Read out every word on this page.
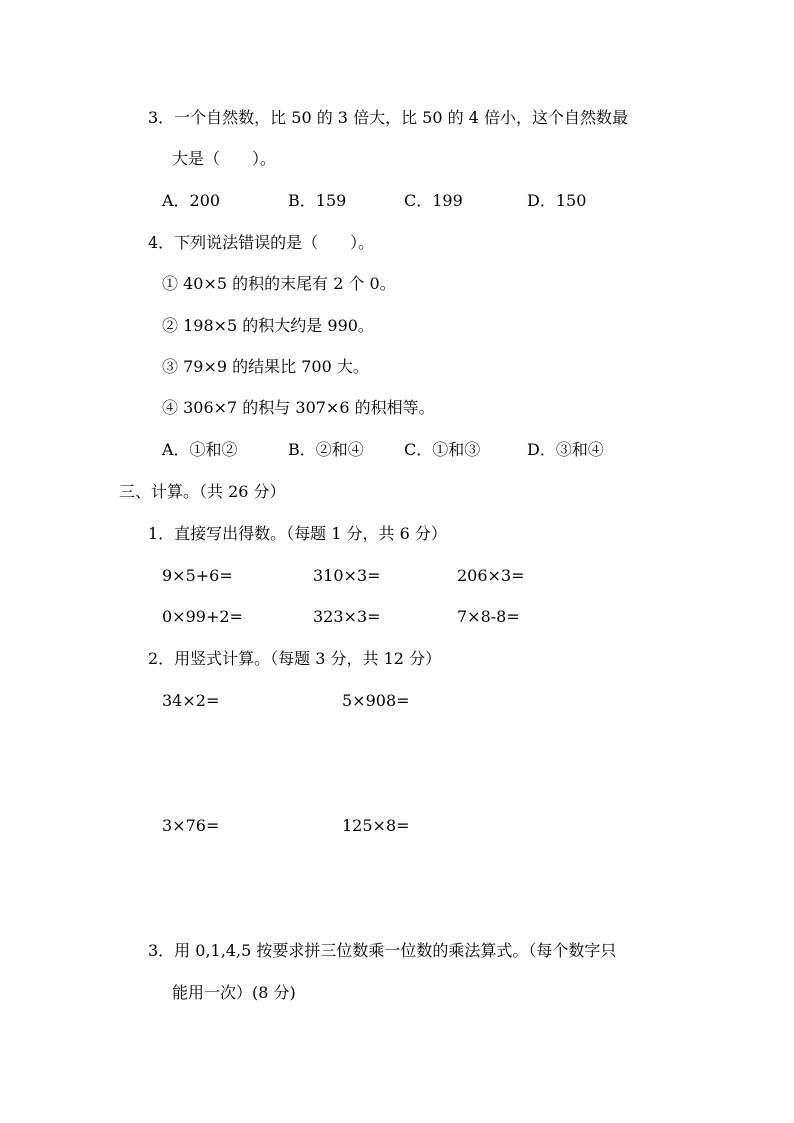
3．一个自然数，比 50 的 3 倍大，比 50 的 4 倍小，这个自然数最
大是（　　）。
A．200	B．159	C．199	D．150
4．下列说法错误的是（　　）。
① 40×5 的积的末尾有 2 个 0。
② 198×5 的积大约是 990。
③ 79×9 的结果比 700 大。
④ 306×7 的积与 307×6 的积相等。
A．①和②	B．②和④	C．①和③	D．③和④
三、计算。（共 26 分）
1．直接写出得数。（每题 1 分，共 6 分）
9×5+6=	310×3=	206×3=
0×99+2=	323×3=	7×8-8=
2．用竖式计算。（每题 3 分，共 12 分）
34×2=	5×908=
3×76=	125×8=
3．用 0,1,4,5 按要求拼三位数乘一位数的乘法算式。（每个数字只
能用一次）(8 分)
